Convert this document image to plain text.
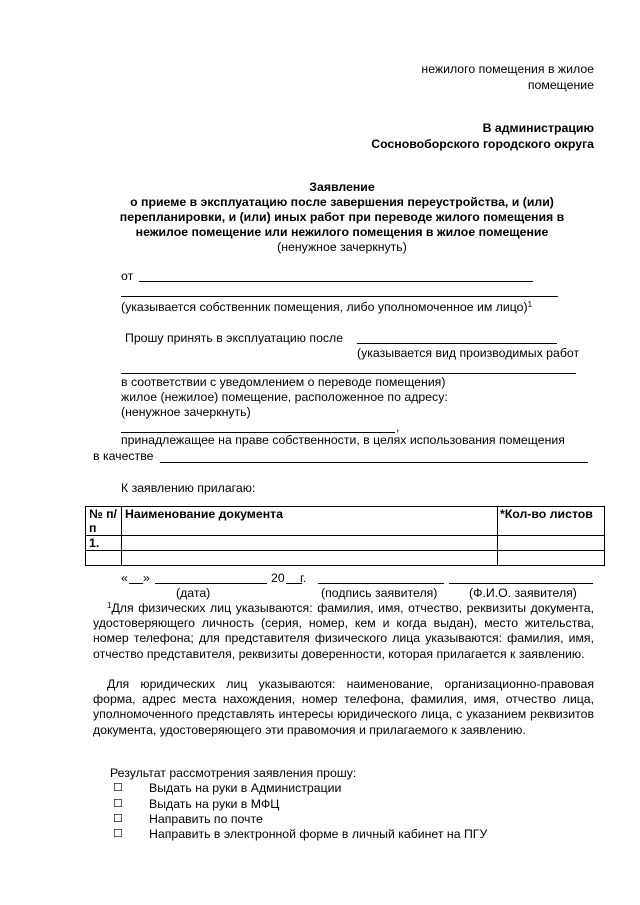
нежилого помещения в жилое
помещение
В администрацию
Сосновоборского городского округа
Заявление
о приеме в эксплуатацию после завершения переустройства, и (или)
перепланировки, и (или) иных работ при переводе жилого помещения в
нежилое помещение или нежилого помещения в жилое помещение
(ненужное зачеркнуть)
от
(указывается собственник помещения, либо уполномоченное им лицо)$^1$
Прошу принять в эксплуатацию после
(указывается вид производимых работ
в соответствии с уведомлением о переводе помещения)
жилое (нежилое) помещение, расположенное по адресу:
(ненужное зачеркнуть)
,
принадлежащее на праве собственности, в целях использования помещения
в качестве
К заявлению прилагаю:
№ п/п	Наименование документа	*Кол-во листов
1.		

« »	20 г.
(дата)	(подпись заявителя)	(Ф.И.О. заявителя)
$^1$Для физических лиц указываются: фамилия, имя, отчество, реквизиты документа, удостоверяющего личность (серия, номер, кем и когда выдан), место жительства, номер телефона; для представителя физического лица указываются: фамилия, имя, отчество представителя, реквизиты доверенности, которая прилагается к заявлению.
Для юридических лиц указываются: наименование, организационно-правовая форма, адрес места нахождения, номер телефона, фамилия, имя, отчество лица, уполномоченного представлять интересы юридического лица, с указанием реквизитов документа, удостоверяющего эти правомочия и прилагаемого к заявлению.
Результат рассмотрения заявления прошу:
☐ Выдать на руки в Администрации
☐ Выдать на руки в МФЦ
☐ Направить по почте
☐ Направить в электронной форме в личный кабинет на ПГУ
